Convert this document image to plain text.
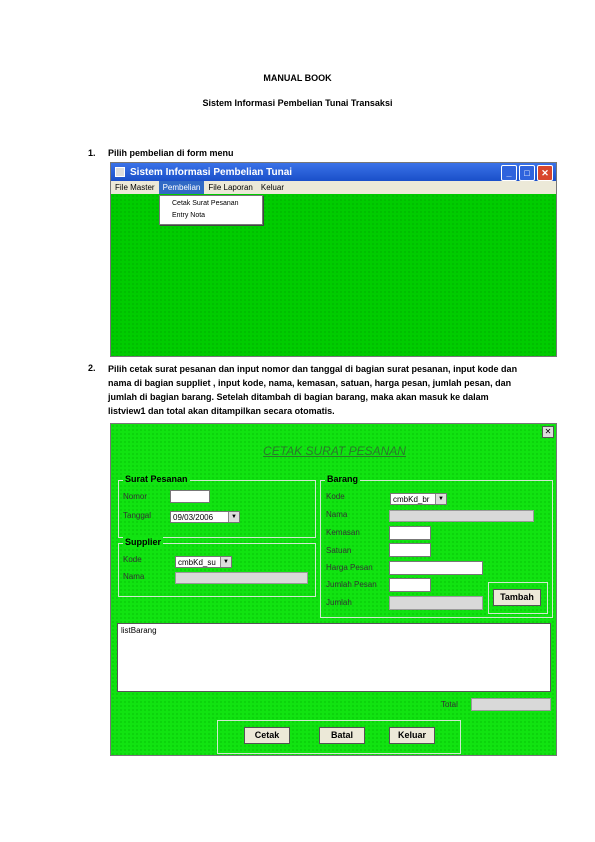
MANUAL BOOK
Sistem Informasi Pembelian Tunai Transaksi
1. Pilih pembelian di form menu
Sistem Informasi Pembelian Tunai	_	□	✕
File Master	Pembelian	File Laporan	Keluar
Cetak Surat Pesanan
Entry Nota
2. Pilih cetak surat pesanan dan input nomor dan tanggal di bagian surat pesanan, input kode dan nama di bagian suppliet , input kode, nama, kemasan, satuan, harga pesan, jumlah pesan, dan jumlah di bagian barang. Setelah ditambah di bagian barang, maka akan masuk ke dalam listview1 dan total akan ditampilkan secara otomatis.
✕
CETAK SURAT PESANAN
Surat Pesanan
Nomor
Tanggal	09/03/2006	▼
Supplier
Kode	cmbKd_su	▼
Nama
Barang
Kode	cmbKd_br	▼
Nama
Kemasan
Satuan
Harga Pesan
Jumlah Pesan
Jumlah
Tambah
listBarang
Total
Cetak	Batal	Keluar
